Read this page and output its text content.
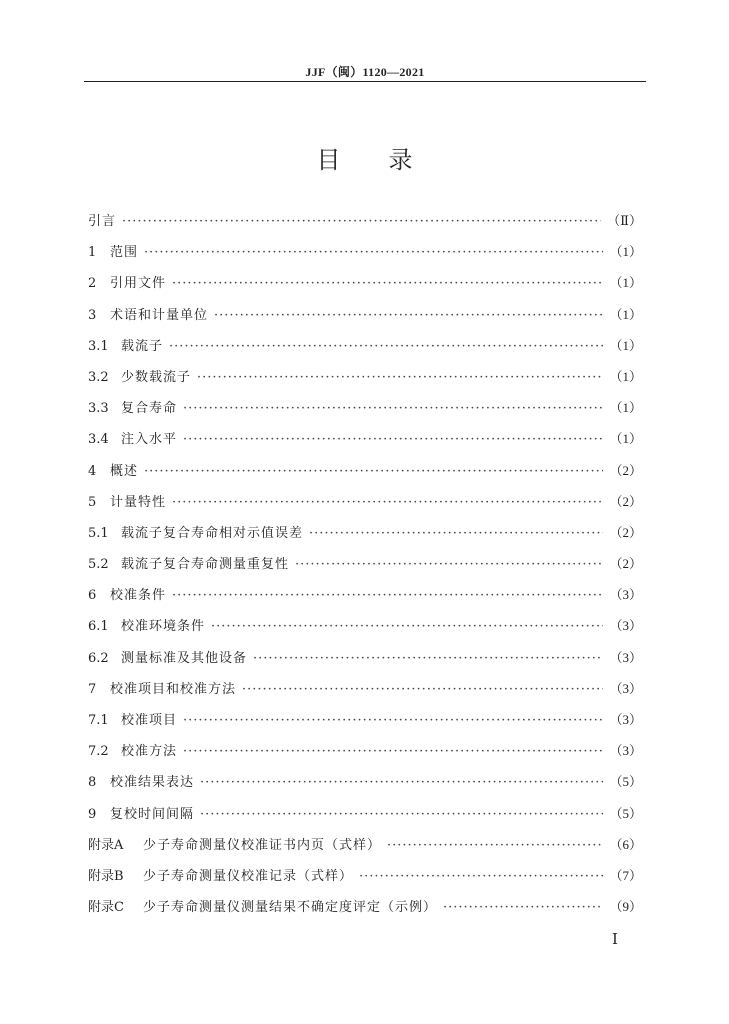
JJF（闽）1120—2021
目录
引言 ·····	（Ⅱ）
1	范围 ·····	（1）
2	引用文件 ·····	（1）
3	术语和计量单位 ·····	（1）
3.1 载流子 ·····	（1）
3.2 少数载流子 ·····	（1）
3.3 复合寿命 ·····	（1）
3.4 注入水平 ·····	（1）
4	概述 ·····	（2）
5	计量特性 ·····	（2）
5.1 载流子复合寿命相对示值误差 ·····	（2）
5.2 载流子复合寿命测量重复性 ·····	（2）
6	校准条件 ·····	（3）
6.1 校准环境条件 ·····	（3）
6.2 测量标准及其他设备 ·····	（3）
7	校准项目和校准方法 ·····	（3）
7.1 校准项目 ·····	（3）
7.2 校准方法 ·····	（3）
8	校准结果表达 ·····	（5）
9	复校时间间隔 ·····	（5）
附录A	少子寿命测量仪校准证书内页（式样） ·····	（6）
附录B	少子寿命测量仪校准记录（式样） ·····	（7）
附录C	少子寿命测量仪测量结果不确定度评定（示例） ·····	（9）
Ⅰ
